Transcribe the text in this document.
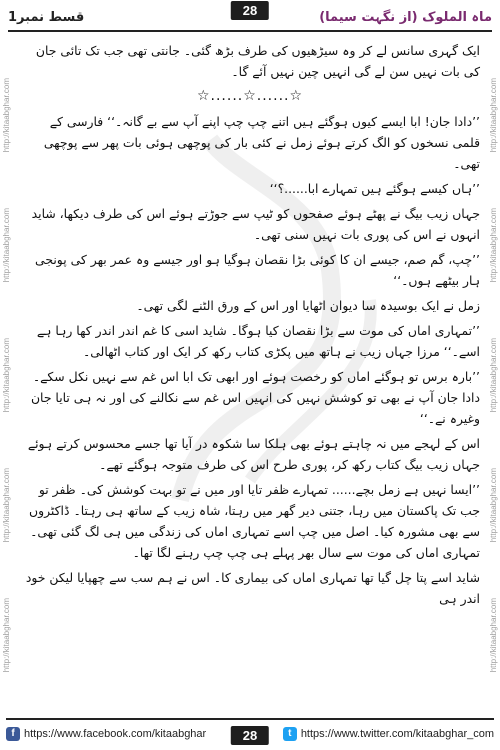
ماہ الملوک (از نگہت سیما)
قسط نمبر1	28
http://kitaabghar.com
http://kitaabghar.com
http://kitaabghar.com
http://kitaabghar.com
http://kitaabghar.com
http://kitaabghar.com
http://kitaabghar.com
http://kitaabghar.com
http://kitaabghar.com
http://kitaabghar.com

ایک گہری سانس لے کر وہ سیڑھیوں کی طرف بڑھ گئی۔ جانتی تھی جب تک تائی جان کی بات نہیں سن لے گی انہیں چین نہیں آئے گا۔

☆......☆......☆

’’دادا جان! ابا ایسے کیوں ہوگئے ہیں اتنے چپ چپ اپنے آپ سے بے گانہ۔‘‘ فارسی کے قلمی نسخوں کو الگ کرتے ہوئے زمل نے کئی بار کی پوچھی ہوئی بات پھر سے پوچھی تھی۔

’’ہاں کیسے ہوگئے ہیں تمہارے ابا......؟‘‘

جہاں زیب بیگ نے پھٹے ہوئے صفحوں کو ٹیپ سے جوڑتے ہوئے اس کی طرف دیکھا، شاید انہوں نے اس کی پوری بات نہیں سنی تھی۔

’’چپ، گم صم، جیسے ان کا کوئی بڑا نقصان ہوگیا ہو اور جیسے وہ عمر بھر کی پونجی ہار بیٹھے ہوں۔‘‘

زمل نے ایک بوسیدہ سا دیوان اٹھایا اور اس کے ورق الٹنے لگی تھی۔

’’تمہاری اماں کی موت سے بڑا نقصان کیا ہوگا۔ شاید اسی کا غم اندر اندر کھا رہا ہے اسے۔‘‘ مرزا جہاں زیب نے ہاتھ میں پکڑی کتاب رکھ کر ایک اور کتاب اٹھالی۔

’’بارہ برس تو ہوگئے اماں کو رخصت ہوئے اور ابھی تک ابا اس غم سے نہیں نکل سکے۔ دادا جان آپ نے بھی تو کوشش نہیں کی انہیں اس غم سے نکالنے کی اور نہ ہی تایا جان وغیرہ نے۔‘‘

اس کے لہجے میں نہ چاہتے ہوئے بھی ہلکا سا شکوہ در آیا تھا جسے محسوس کرتے ہوئے جہاں زیب بیگ کتاب رکھ کر، پوری طرح اس کی طرف متوجہ ہوگئے تھے۔

’’ایسا نہیں ہے زمل بچے...... تمہارے ظفر تایا اور میں نے تو بہت کوشش کی۔ ظفر تو جب تک پاکستان میں رہا، جتنی دیر گھر میں رہتا، شاہ زیب کے ساتھ ہی رہتا۔ ڈاکٹروں سے بھی مشورہ کیا۔ اصل میں چپ اسے تمہاری اماں کی زندگی میں ہی لگ گئی تھی۔ تمہاری اماں کی موت سے سال بھر پہلے ہی چپ چپ رہنے لگا تھا۔

شاید اسے پتا چل گیا تھا تمہاری اماں کی بیماری کا۔ اس نے ہم سب سے چھپایا لیکن خود اندر ہی

f https://www.facebook.com/kitaabghar	t https://www.twitter.com/kitaabghar_com
28
